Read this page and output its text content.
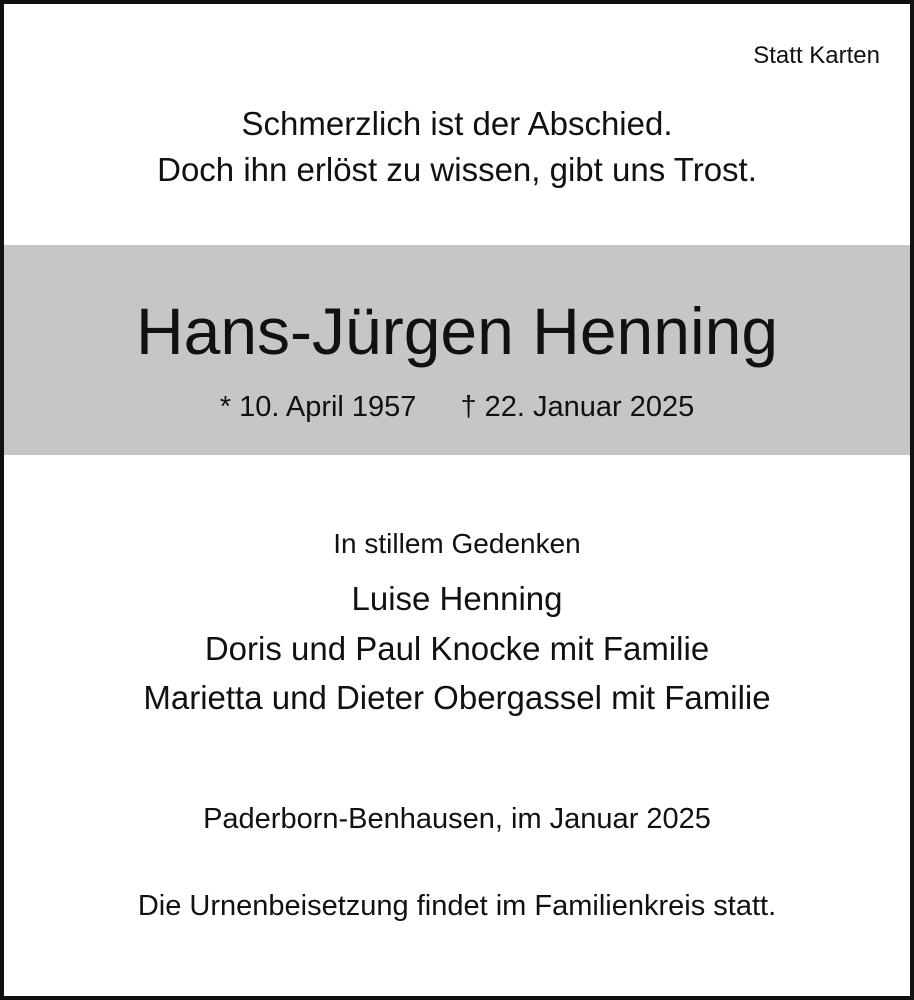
Statt Karten
Schmerzlich ist der Abschied.
Doch ihn erlöst zu wissen, gibt uns Trost.
Hans-Jürgen Henning
* 10. April 1957 † 22. Januar 2025
In stillem Gedenken
Luise Henning
Doris und Paul Knocke mit Familie
Marietta und Dieter Obergassel mit Familie
Paderborn-Benhausen, im Januar 2025
Die Urnenbeisetzung findet im Familienkreis statt.
